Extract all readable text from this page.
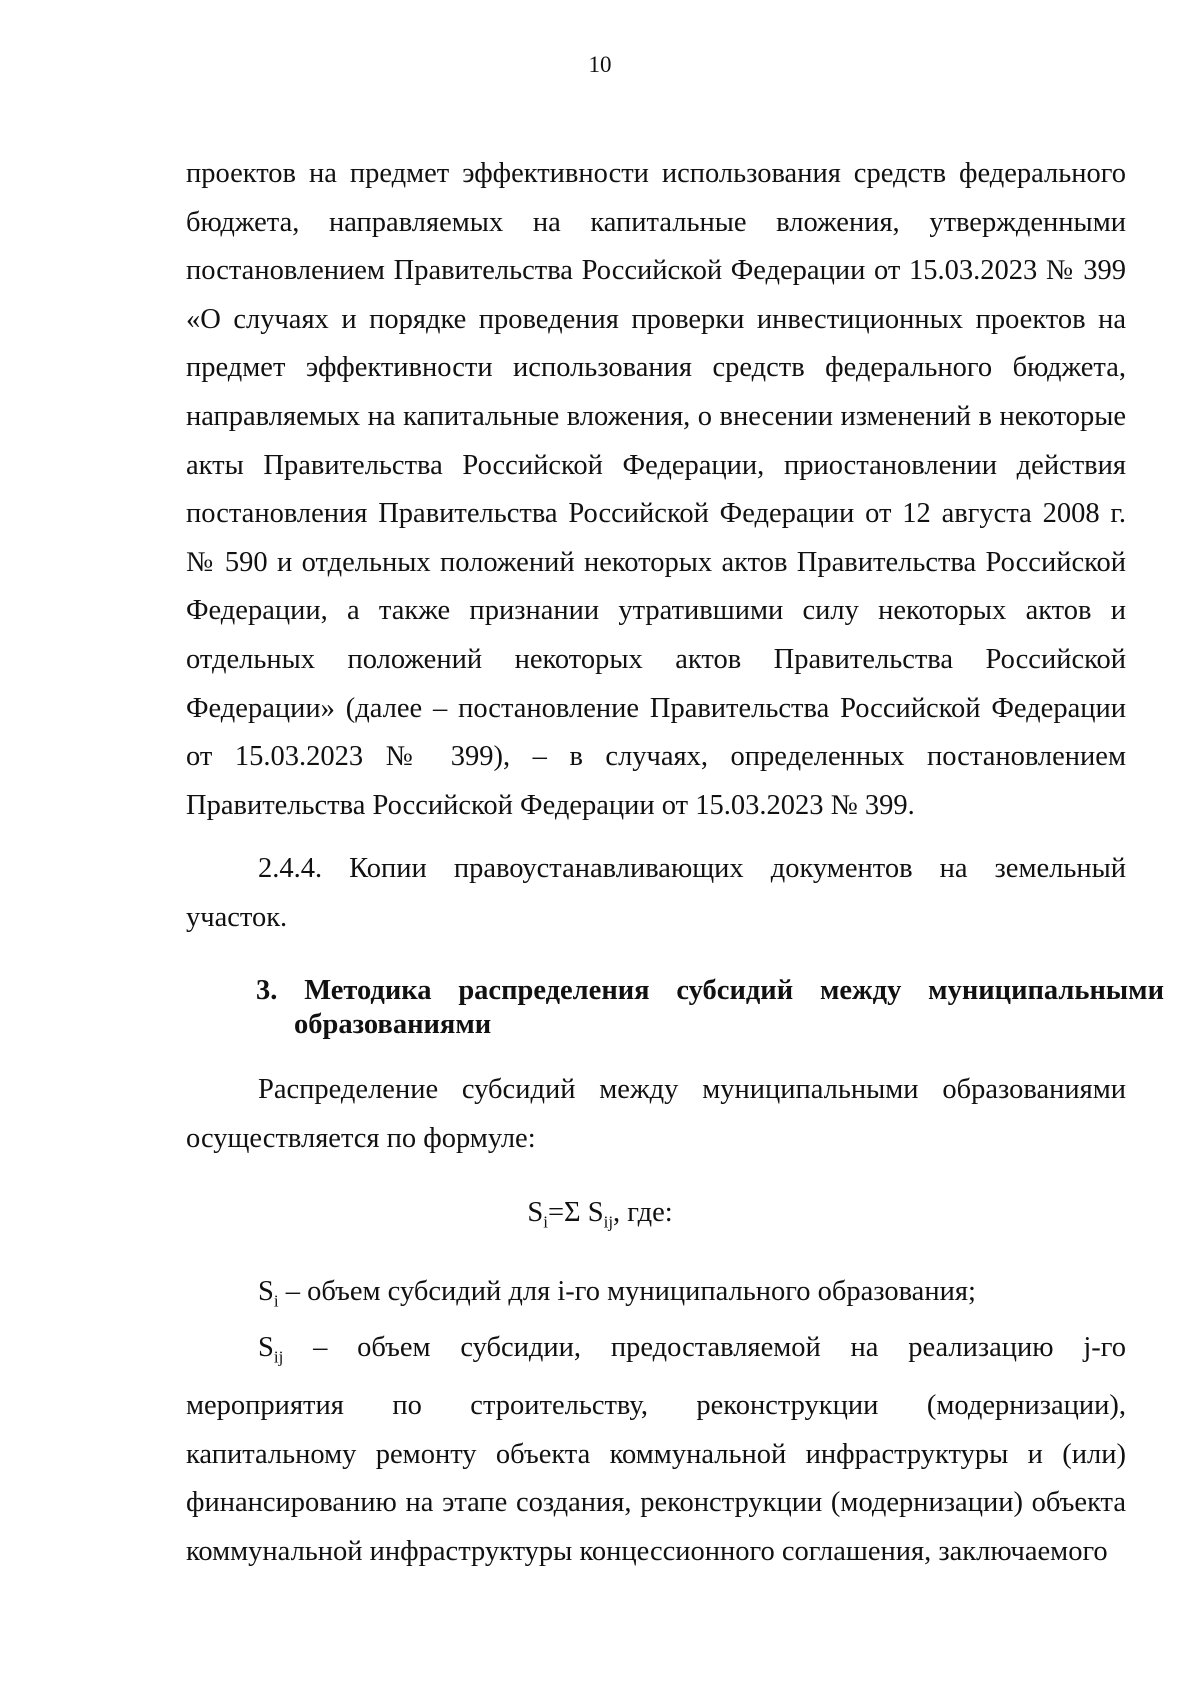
10
проектов на предмет эффективности использования средств федерального бюджета, направляемых на капитальные вложения, утвержденными постановлением Правительства Российской Федерации от 15.03.2023 № 399 «О случаях и порядке проведения проверки инвестиционных проектов на предмет эффективности использования средств федерального бюджета, направляемых на капитальные вложения, о внесении изменений в некоторые акты Правительства Российской Федерации, приостановлении действия постановления Правительства Российской Федерации от 12 августа 2008 г. № 590 и отдельных положений некоторых актов Правительства Российской Федерации, а также признании утратившими силу некоторых актов и отдельных положений некоторых актов Правительства Российской Федерации» (далее – постановление Правительства Российской Федерации от 15.03.2023 № 399), – в случаях, определенных постановлением Правительства Российской Федерации от 15.03.2023 № 399.
2.4.4. Копии правоустанавливающих документов на земельный участок.
3. Методика распределения субсидий между муниципальными образованиями
Распределение субсидий между муниципальными образованиями осуществляется по формуле:
$S_i=\Sigma$ $S_{ij}$, где:
$S_i$ – объем субсидий для i-го муниципального образования;
$S_{ij}$ – объем субсидии, предоставляемой на реализацию j-го мероприятия по строительству, реконструкции (модернизации), капитальному ремонту объекта коммунальной инфраструктуры и (или) финансированию на этапе создания, реконструкции (модернизации) объекта коммунальной инфраструктуры концессионного соглашения, заключаемого
